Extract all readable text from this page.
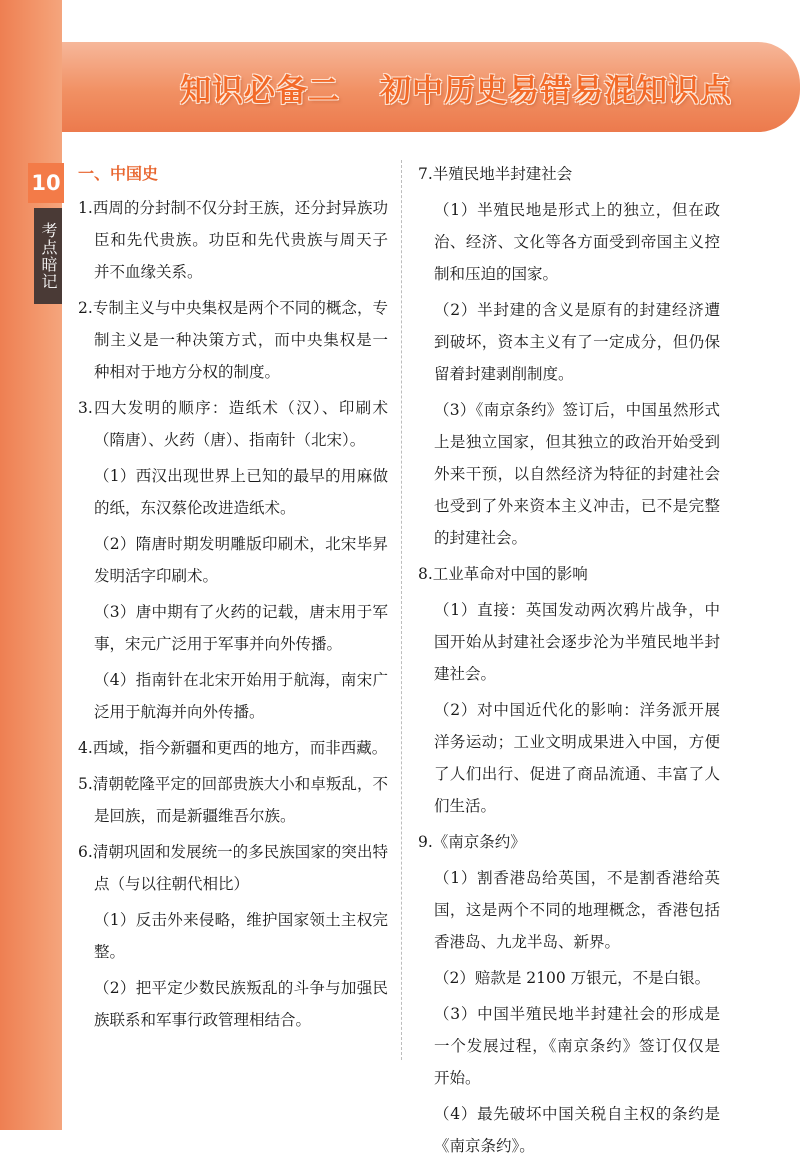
知识必备二 初中历史易错易混知识点
10
考点暗记
一、中国史
1.西周的分封制不仅分封王族，还分封异族功臣和先代贵族。功臣和先代贵族与周天子并不血缘关系。
2.专制主义与中央集权是两个不同的概念，专制主义是一种决策方式，而中央集权是一种相对于地方分权的制度。
3.四大发明的顺序：造纸术（汉）、印刷术（隋唐）、火药（唐）、指南针（北宋）。
（1）西汉出现世界上已知的最早的用麻做的纸，东汉蔡伦改进造纸术。
（2）隋唐时期发明雕版印刷术，北宋毕昇发明活字印刷术。
（3）唐中期有了火药的记载，唐末用于军事，宋元广泛用于军事并向外传播。
（4）指南针在北宋开始用于航海，南宋广泛用于航海并向外传播。
4.西域，指今新疆和更西的地方，而非西藏。
5.清朝乾隆平定的回部贵族大小和卓叛乱，不是回族，而是新疆维吾尔族。
6.清朝巩固和发展统一的多民族国家的突出特点（与以往朝代相比）
（1）反击外来侵略，维护国家领土主权完整。
（2）把平定少数民族叛乱的斗争与加强民族联系和军事行政管理相结合。
7.半殖民地半封建社会
（1）半殖民地是形式上的独立，但在政治、经济、文化等各方面受到帝国主义控制和压迫的国家。
（2）半封建的含义是原有的封建经济遭到破坏，资本主义有了一定成分，但仍保留着封建剥削制度。
（3）《南京条约》签订后，中国虽然形式上是独立国家，但其独立的政治开始受到外来干预，以自然经济为特征的封建社会也受到了外来资本主义冲击，已不是完整的封建社会。
8.工业革命对中国的影响
（1）直接：英国发动两次鸦片战争，中国开始从封建社会逐步沦为半殖民地半封建社会。
（2）对中国近代化的影响：洋务派开展洋务运动；工业文明成果进入中国，方便了人们出行、促进了商品流通、丰富了人们生活。
9.《南京条约》
（1）割香港岛给英国，不是割香港给英国，这是两个不同的地理概念，香港包括香港岛、九龙半岛、新界。
（2）赔款是 2100 万银元，不是白银。
（3）中国半殖民地半封建社会的形成是一个发展过程，《南京条约》签订仅仅是开始。
（4）最先破坏中国关税自主权的条约是《南京条约》。
